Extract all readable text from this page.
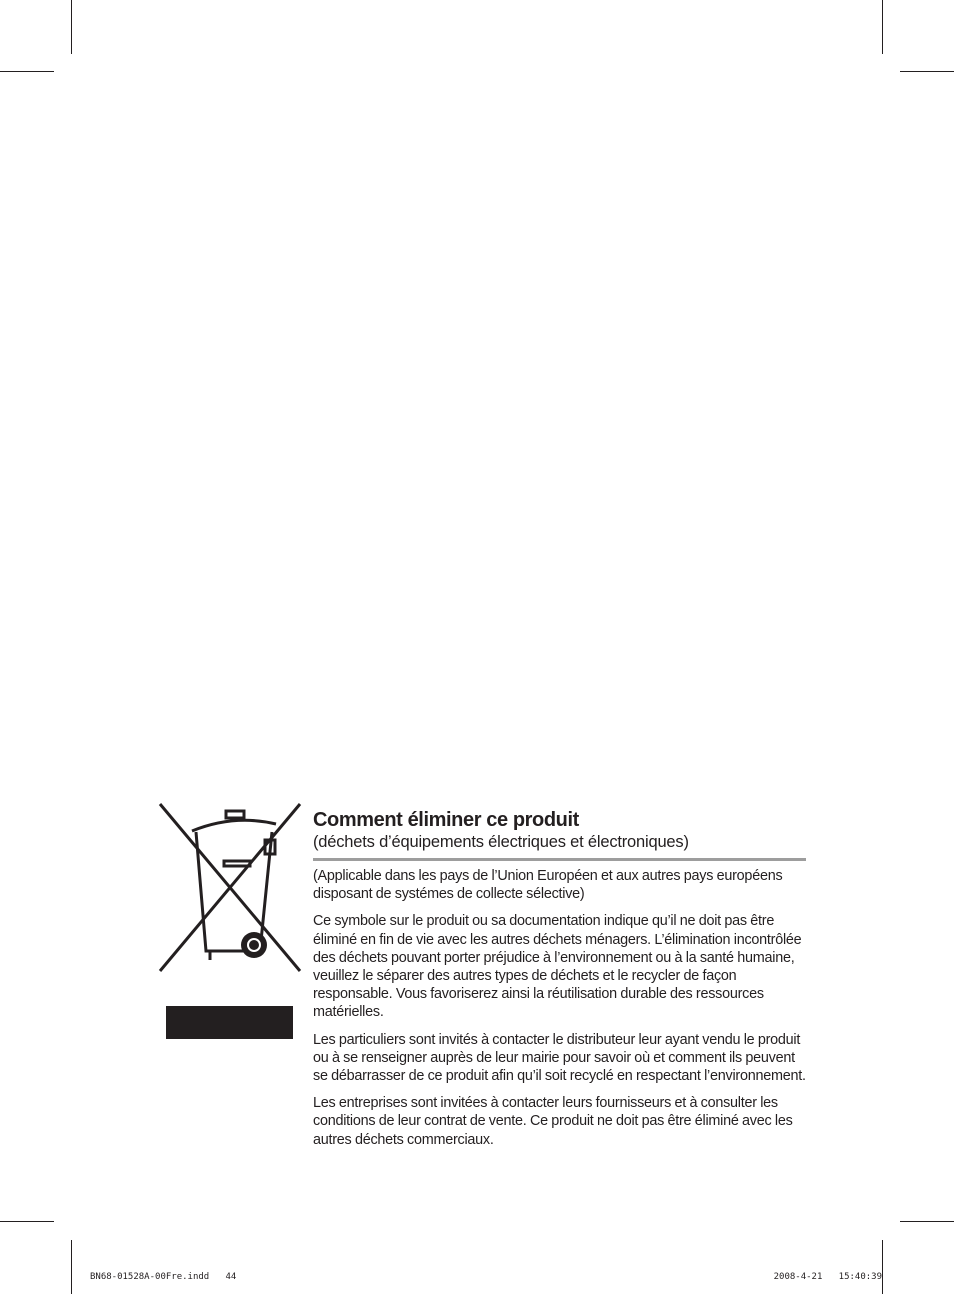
Comment éliminer ce produit

(déchets d’équipements électriques et électroniques)

(Applicable dans les pays de l’Union Européen et aux autres pays européens disposant de systémes de collecte sélective)

Ce symbole sur le produit ou sa documentation indique qu’il ne doit pas être éliminé en fin de vie avec les autres déchets ménagers. L’élimination incontrôlée des déchets pouvant porter préjudice à l’environnement ou à la santé humaine, veuillez le séparer des autres types de déchets et le recycler de façon responsable. Vous favoriserez ainsi la réutilisation durable des ressources matérielles.

Les particuliers sont invités à contacter le distributeur leur ayant vendu le produit ou à se renseigner auprès de leur mairie pour savoir où et comment ils peuvent se débarrasser de ce produit afin qu’il soit recyclé en respectant l’environnement.

Les entreprises sont invitées à contacter leurs fournisseurs et à consulter les conditions de leur contrat de vente. Ce produit ne doit pas être éliminé avec les autres déchets commerciaux.

BN68-01528A-00Fre.indd   44	2008-4-21   15:40:39
